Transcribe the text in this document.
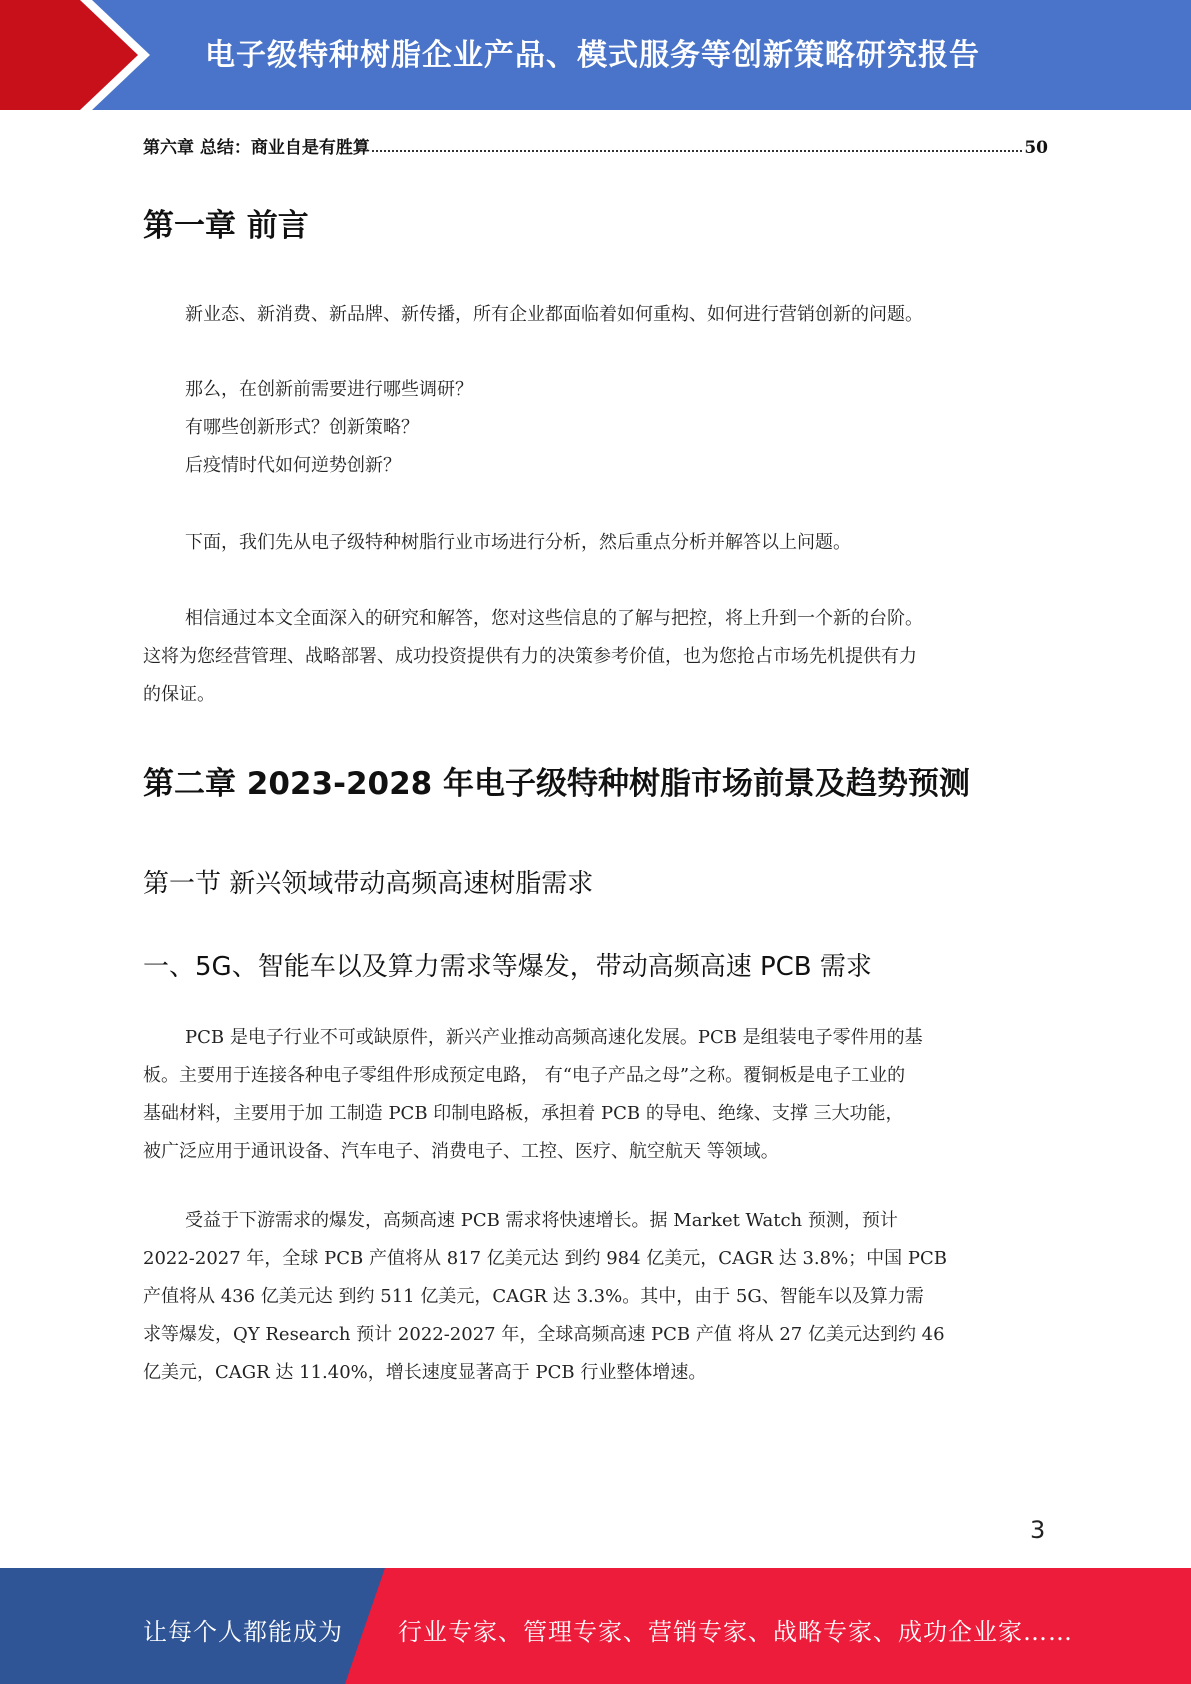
电子级特种树脂企业产品、模式服务等创新策略研究报告
第六章 总结：商业自是有胜算	50
第一章 前言
新业态、新消费、新品牌、新传播，所有企业都面临着如何重构、如何进行营销创新的问题。
那么，在创新前需要进行哪些调研？
有哪些创新形式？创新策略？
后疫情时代如何逆势创新？
下面，我们先从电子级特种树脂行业市场进行分析，然后重点分析并解答以上问题。
相信通过本文全面深入的研究和解答，您对这些信息的了解与把控，将上升到一个新的台阶。
这将为您经营管理、战略部署、成功投资提供有力的决策参考价值，也为您抢占市场先机提供有力
的保证。
第二章 2023-2028 年电子级特种树脂市场前景及趋势预测
第一节 新兴领域带动高频高速树脂需求
一、5G、智能车以及算力需求等爆发，带动高频高速 PCB 需求
PCB 是电子行业不可或缺原件，新兴产业推动高频高速化发展。PCB 是组装电子零件用的基
板。主要用于连接各种电子零组件形成预定电路， 有“电子产品之母”之称。覆铜板是电子工业的
基础材料，主要用于加 工制造 PCB 印制电路板，承担着 PCB 的导电、绝缘、支撑 三大功能，
被广泛应用于通讯设备、汽车电子、消费电子、工控、医疗、航空航天 等领域。
受益于下游需求的爆发，高频高速 PCB 需求将快速增长。据 Market Watch 预测，预计
2022-2027 年，全球 PCB 产值将从 817 亿美元达 到约 984 亿美元，CAGR 达 3.8%；中国 PCB
产值将从 436 亿美元达 到约 511 亿美元，CAGR 达 3.3%。其中，由于 5G、智能车以及算力需
求等爆发，QY Research 预计 2022-2027 年，全球高频高速 PCB 产值 将从 27 亿美元达到约 46
亿美元，CAGR 达 11.40%，增长速度显著高于 PCB 行业整体增速。
3
让每个人都能成为 行业专家、管理专家、营销专家、战略专家、成功企业家……
